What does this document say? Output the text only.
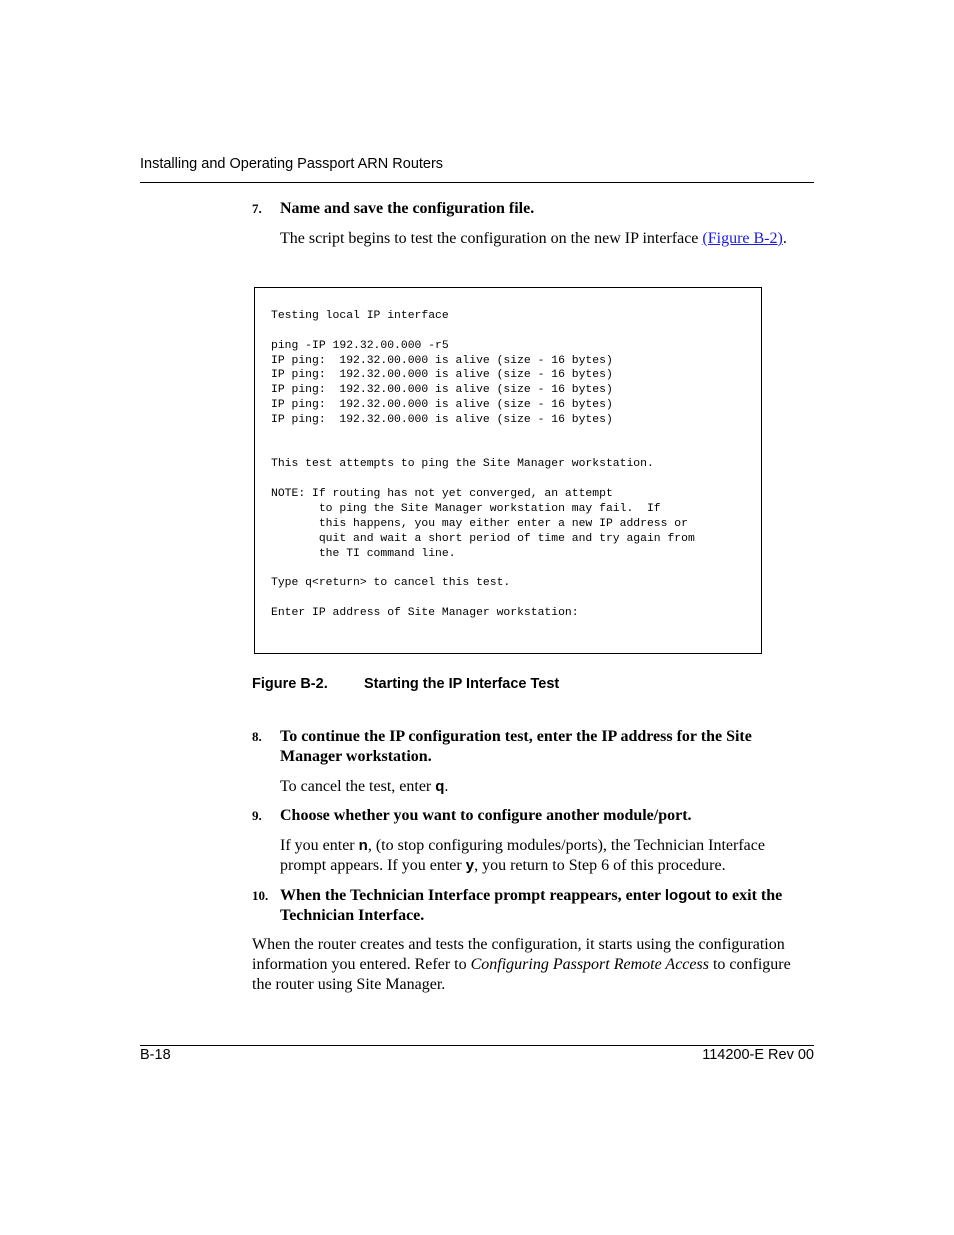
Installing and Operating Passport ARN Routers
7. Name and save the configuration file.
The script begins to test the configuration on the new IP interface (Figure B-2).
Testing local IP interface

ping -IP 192.32.00.000 -r5
IP ping:  192.32.00.000 is alive (size - 16 bytes)
IP ping:  192.32.00.000 is alive (size - 16 bytes)
IP ping:  192.32.00.000 is alive (size - 16 bytes)
IP ping:  192.32.00.000 is alive (size - 16 bytes)
IP ping:  192.32.00.000 is alive (size - 16 bytes)

This test attempts to ping the Site Manager workstation.

NOTE: If routing has not yet converged, an attempt
to ping the Site Manager workstation may fail.  If
this happens, you may either enter a new IP address or
quit and wait a short period of time and try again from
the TI command line.

Type q<return> to cancel this test.

Enter IP address of Site Manager workstation:
Figure B-2.	Starting the IP Interface Test
8. To continue the IP configuration test, enter the IP address for the Site Manager workstation.
To cancel the test, enter q.
9. Choose whether you want to configure another module/port.
If you enter n, (to stop configuring modules/ports), the Technician Interface prompt appears. If you enter y, you return to Step 6 of this procedure.
10. When the Technician Interface prompt reappears, enter logout to exit the Technician Interface.
When the router creates and tests the configuration, it starts using the configuration information you entered. Refer to Configuring Passport Remote Access to configure the router using Site Manager.
B-18	114200-E Rev 00
